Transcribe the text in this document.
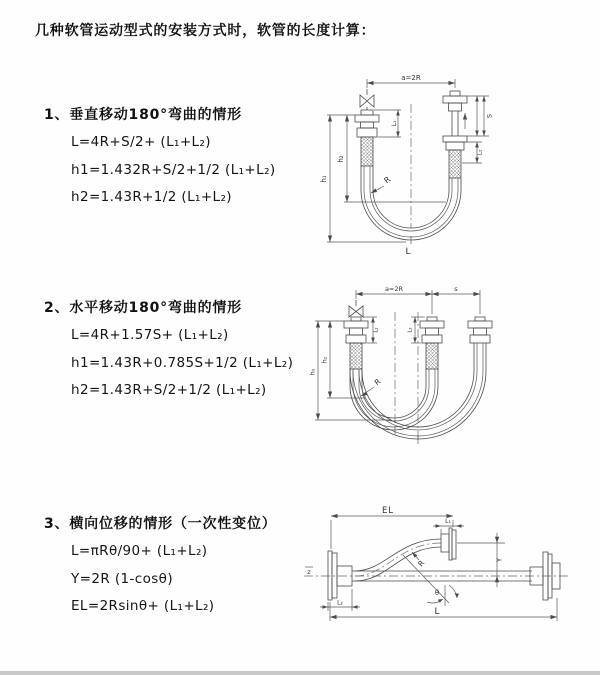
几种软管运动型式的安装方式时，软管的长度计算：
1、垂直移动180°弯曲的情形
L=4R+S/2+ (L₁+L₂)
h1=1.432R+S/2+1/2 (L₁+L₂)
h2=1.43R+1/2 (L₁+L₂)
2、水平移动180°弯曲的情形
L=4R+1.57S+ (L₁+L₂)
h1=1.43R+0.785S+1/2 (L₁+L₂)
h2=1.43R+S/2+1/2 (L₁+L₂)
3、横向位移的情形（一次性变位）
L=πRθ/90+ (L₁+L₂)
Y=2R (1-cosθ)
EL=2Rsinθ+ (L₁+L₂)
a=2R
h₁
h₂
L₁
S
L₂
R
L
a=2R	s
h₁
h₂
L₁	L₂
R
z
EL
L₁
Y
R
θ
L₂
L
